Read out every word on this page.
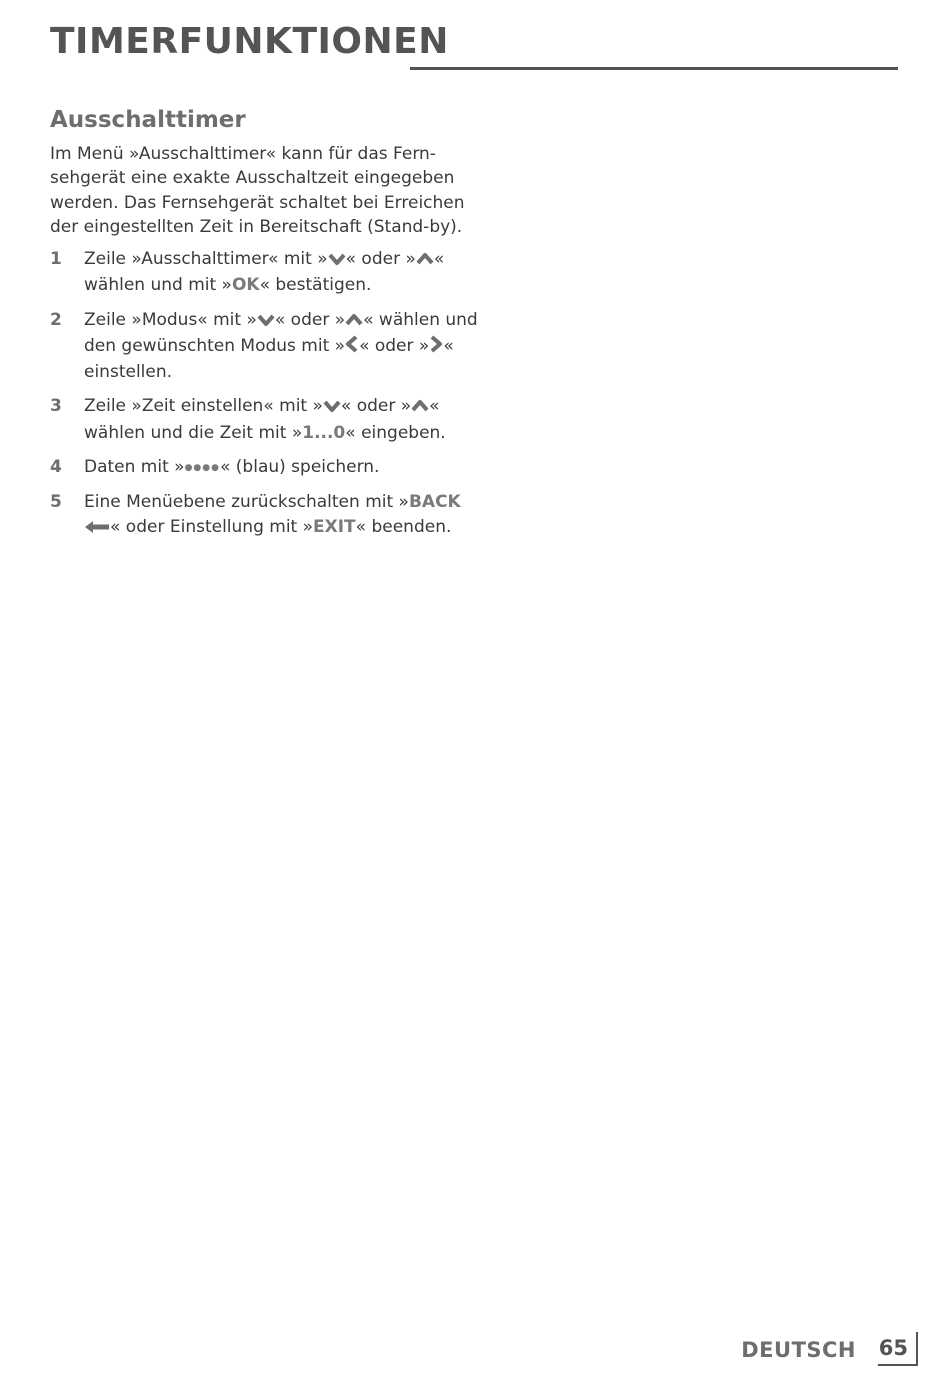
TIMERFUNKTIONEN
Ausschalttimer
Im Menü »Ausschalttimer« kann für das Fern-sehgerät eine exakte Ausschaltzeit eingegeben werden. Das Fernsehgerät schaltet bei Erreichen der eingestellten Zeit in Bereitschaft (Stand-by).
1 Zeile »Ausschalttimer« mit » « oder » « wählen und mit »OK« bestätigen.
2 Zeile »Modus« mit » « oder » « wählen und den gewünschten Modus mit » « oder » « einstellen.
3 Zeile »Zeit einstellen« mit » « oder » « wählen und die Zeit mit »1...0« eingeben.
4 Daten mit »●●●●« (blau) speichern.
5 Eine Menüebene zurückschalten mit »BACK
« oder Einstellung mit »EXIT« beenden.
DEUTSCH 65
